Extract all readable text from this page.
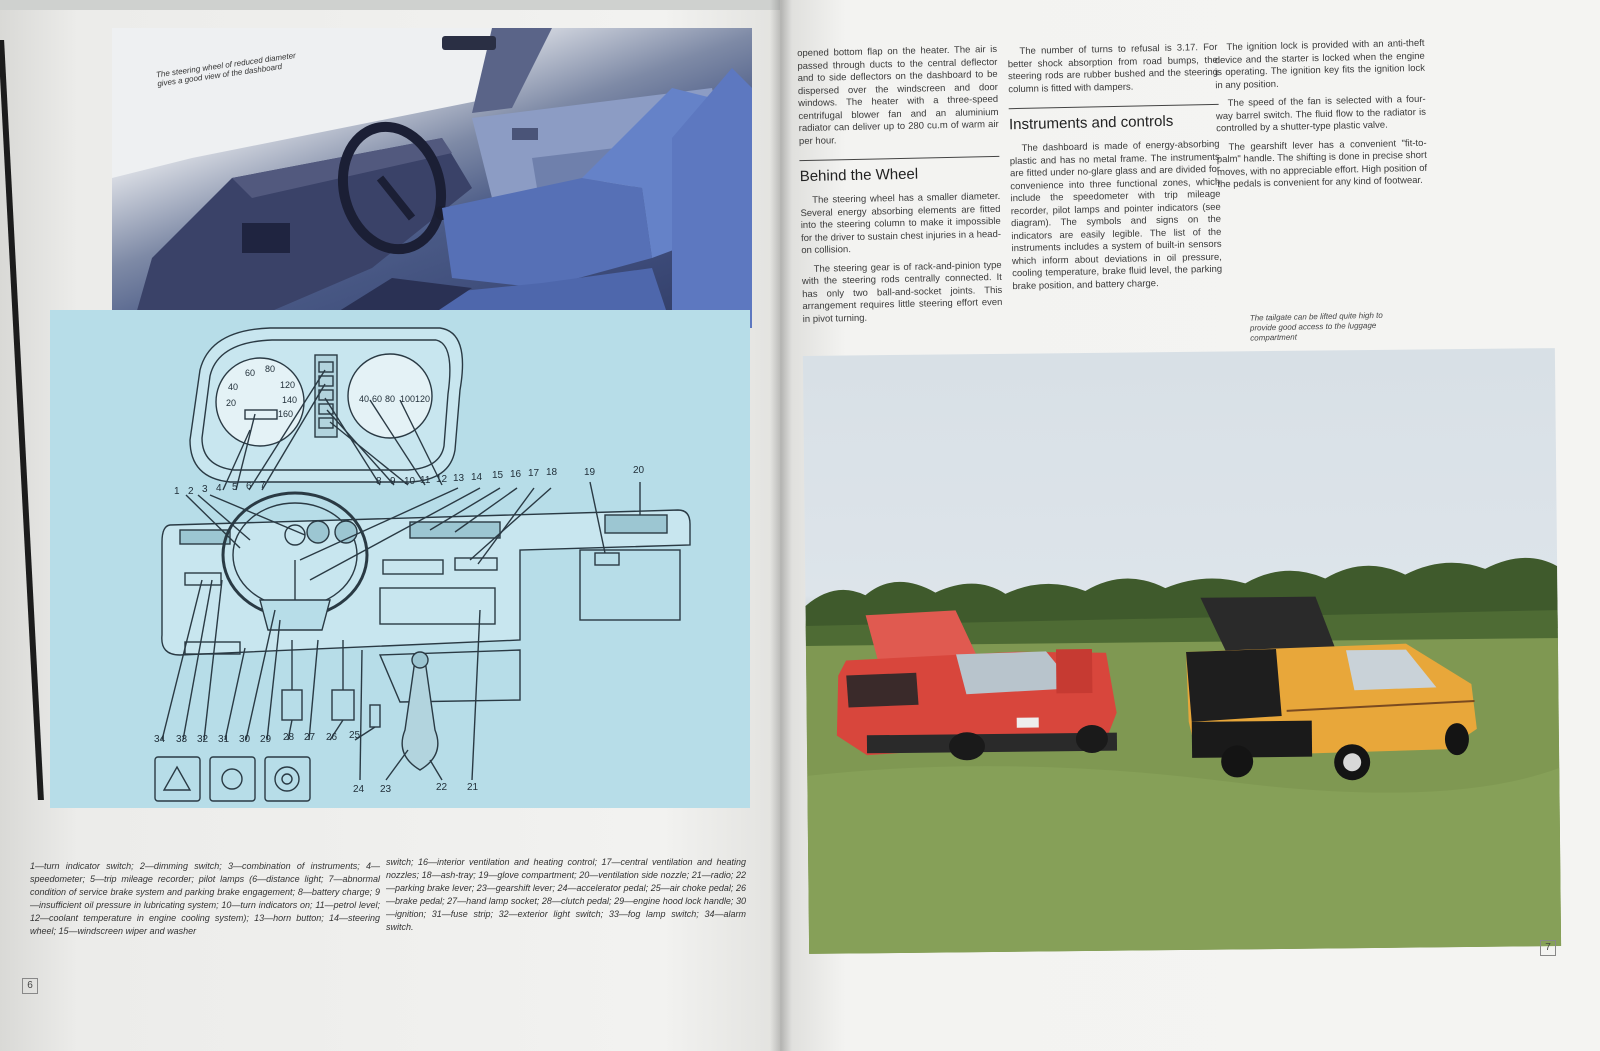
The steering wheel of reduced diameter gives a good view of the dashboard
40
60 80
120
20	140
160
40 60 80 100 120
1 2 3 4 5 6 7	8 9 10 11 12 13 14 15 16 17 18	19	20
34 33 32 31 30 29 28 27 26 25
24 23	22 21
1—turn indicator switch; 2—dimming switch; 3—combination of instruments; 4—speedometer; 5—trip mileage recorder; pilot lamps (6—distance light; 7—abnormal condition of service brake system and parking brake engagement; 8—battery charge; 9—insufficient oil pressure in lubricating system; 10—turn indicators on; 11—petrol level; 12—coolant temperature in engine cooling system); 13—horn button; 14—steering wheel; 15—windscreen wiper and washer
switch; 16—interior ventilation and heating control; 17—central ventilation and heating nozzles; 18—ash-tray; 19—glove compartment; 20—ventilation side nozzle; 21—radio; 22—parking brake lever; 23—gearshift lever; 24—accelerator pedal; 25—air choke pedal; 26—brake pedal; 27—hand lamp socket; 28—clutch pedal; 29—engine hood lock handle; 30—ignition; 31—fuse strip; 32—exterior light switch; 33—fog lamp switch; 34—alarm switch.
6

opened bottom flap on the heater. The air is passed through ducts to the central deflector and to side deflectors on the dashboard to be dispersed over the windscreen and door windows. The heater with a three-speed centrifugal blower fan and an aluminium radiator can deliver up to 280 cu.m of warm air per hour.

Behind the Wheel

The steering wheel has a smaller diameter. Several energy absorbing elements are fitted into the steering column to make it impossible for the driver to sustain chest injuries in a head-on collision.

The steering gear is of rack-and-pinion type with the steering rods centrally connected. It has only two ball-and-socket joints. This arrangement requires little steering effort even in pivot turning.

The number of turns to refusal is 3.17. For better shock absorption from road bumps, the steering rods are rubber bushed and the steering column is fitted with dampers.

Instruments and controls

The dashboard is made of energy-absorbing plastic and has no metal frame. The instruments are fitted under no-glare glass and are divided for convenience into three functional zones, which include the speedometer with trip mileage recorder, pilot lamps and pointer indicators (see diagram). The symbols and signs on the indicators are easily legible. The list of the instruments includes a system of built-in sensors which inform about deviations in oil pressure, cooling temperature, brake fluid level, the parking brake position, and battery charge.

The ignition lock is provided with an anti-theft device and the starter is locked when the engine is operating. The ignition key fits the ignition lock in any position.

The speed of the fan is selected with a four-way barrel switch. The fluid flow to the radiator is controlled by a shutter-type plastic valve.

The gearshift lever has a convenient "fit-to-palm" handle. The shifting is done in precise short moves, with no appreciable effort. High position of the pedals is convenient for any kind of footwear.

The tailgate can be lifted quite high to provide good access to the luggage compartment
7
